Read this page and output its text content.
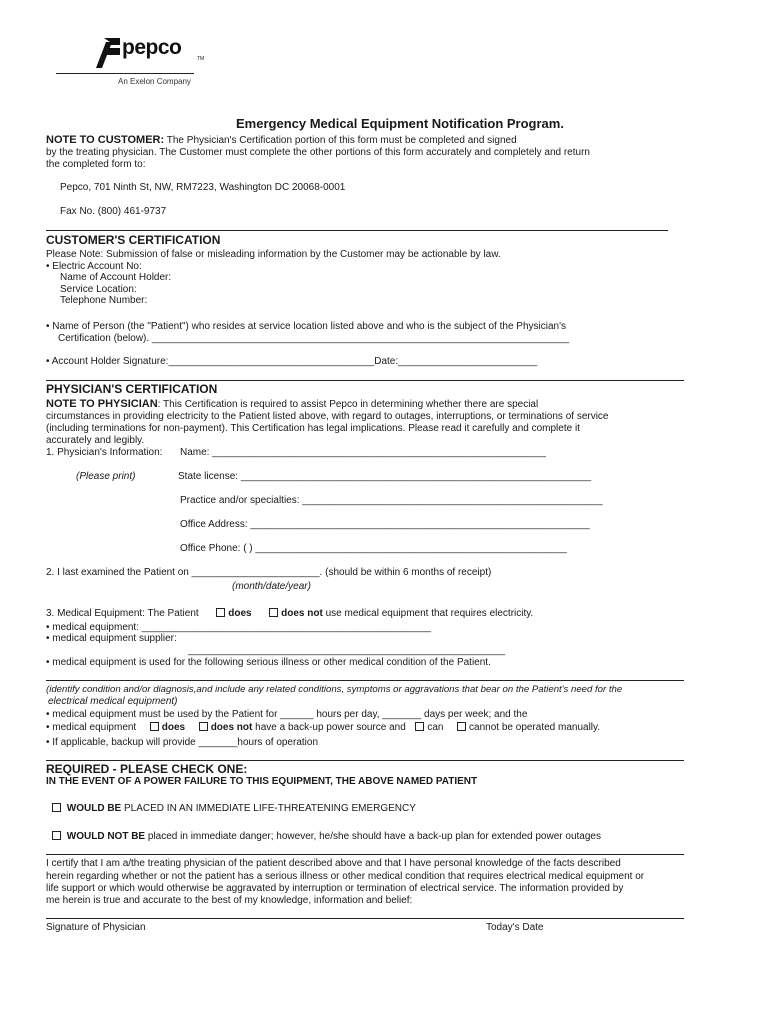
pepco	TM
An Exelon Company
Emergency Medical Equipment Notification Program.
NOTE TO CUSTOMER: The Physician's Certification portion of this form must be completed and signed
by the treating physician. The Customer must complete the other portions of this form accurately and completely and return
the completed form to:
Pepco, 701 Ninth St, NW, RM7223, Washington DC 20068-0001
Fax No. (800) 461-9737
CUSTOMER'S CERTIFICATION
Please Note: Submission of false or misleading information by the Customer may be actionable by law.
• Electric Account No:
Name of Account Holder:
Service Location:
Telephone Number:
• Name of Person (the "Patient") who resides at service location listed above and who is the subject of the Physician's
Certification (below). ___________________________________________________________________________
• Account Holder Signature:_____________________________________Date:_________________________
PHYSICIAN'S CERTIFICATION
NOTE TO PHYSICIAN: This Certification is required to assist Pepco in determining whether there are special
circumstances in providing electricity to the Patient listed above, with regard to outages, interruptions, or terminations of service
(including terminations for non-payment). This Certification has legal implications. Please read it carefully and complete it
accurately and legibly.
1. Physician's Information: Name: ____________________________________________________________
(Please print)	State license: _______________________________________________________________
Practice and/or specialties: ______________________________________________________
Office Address: _____________________________________________________________
Office Phone: ( ) ________________________________________________________
2. I last examined the Patient on _______________________. (should be within 6 months of receipt)
(month/date/year)
3. Medical Equipment: The Patient	does	does not use medical equipment that requires electricity.
• medical equipment: ____________________________________________________
• medical equipment supplier:
_________________________________________________________
• medical equipment is used for the following serious illness or other medical condition of the Patient.
(identify condition and/or diagnosis,and include any related conditions, symptoms or aggravations that bear on the Patient's need for the
electrical medical equipment)
• medical equipment must be used by the Patient for ______ hours per day, _______ days per week; and the
• medical equipment	does	does not have a back-up power source and can	cannot be operated manually.
• If applicable, backup will provide _______hours of operation
REQUIRED - PLEASE CHECK ONE:
IN THE EVENT OF A POWER FAILURE TO THIS EQUIPMENT, THE ABOVE NAMED PATIENT
WOULD BE PLACED IN AN IMMEDIATE LIFE-THREATENING EMERGENCY
WOULD NOT BE placed in immediate danger; however, he/she should have a back-up plan for extended power outages
I certify that I am a/the treating physician of the patient described above and that I have personal knowledge of the facts described
herein regarding whether or not the patient has a serious illness or other medical condition that requires electrical medical equipment or
life support or which would otherwise be aggravated by interruption or termination of electrical service. The information provided by
me herein is true and accurate to the best of my knowledge, information and belief:
Signature of Physician	Today's Date
